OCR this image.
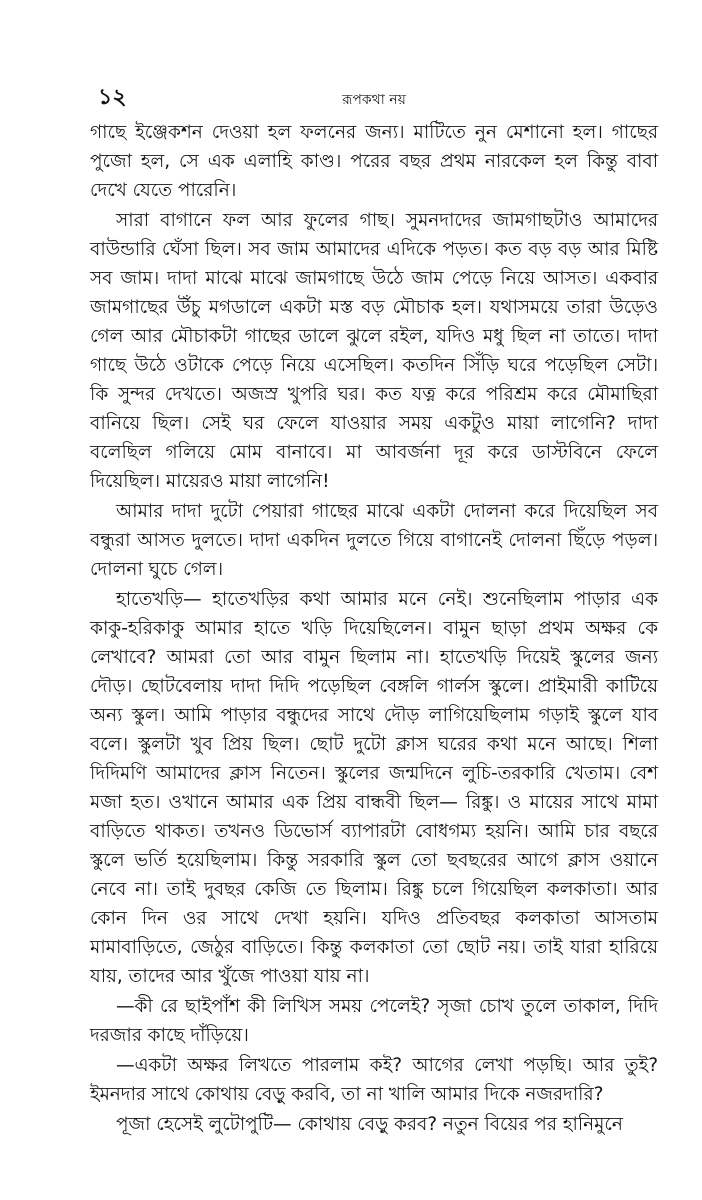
১২	রূপকথা নয়

গাছে ইঞ্জেকশন দেওয়া হল ফলনের জন্য। মাটিতে নুন মেশানো হল। গাছের পুজো হল, সে এক এলাহি কাণ্ড। পরের বছর প্রথম নারকেল হল কিন্তু বাবা দেখে যেতে পারেনি।

সারা বাগানে ফল আর ফুলের গাছ। সুমনদাদের জামগাছটাও আমাদের বাউন্ডারি ঘেঁসা ছিল। সব জাম আমাদের এদিকে পড়ত। কত বড় বড় আর মিষ্টি সব জাম। দাদা মাঝে মাঝে জামগাছে উঠে জাম পেড়ে নিয়ে আসত। একবার জামগাছের উঁচু মগডালে একটা মস্ত বড় মৌচাক হল। যথাসময়ে তারা উড়েও গেল আর মৌচাকটা গাছের ডালে ঝুলে রইল, যদিও মধু ছিল না তাতে। দাদা গাছে উঠে ওটাকে পেড়ে নিয়ে এসেছিল। কতদিন সিঁড়ি ঘরে পড়েছিল সেটা। কি সুন্দর দেখতে। অজস্র খুপরি ঘর। কত যত্ন করে পরিশ্রম করে মৌমাছিরা বানিয়ে ছিল। সেই ঘর ফেলে যাওয়ার সময় একটুও মায়া লাগেনি? দাদা বলেছিল গলিয়ে মোম বানাবে। মা আবর্জনা দূর করে ডাস্টবিনে ফেলে দিয়েছিল। মায়েরও মায়া লাগেনি!

আমার দাদা দুটো পেয়ারা গাছের মাঝে একটা দোলনা করে দিয়েছিল সব বন্ধুরা আসত দুলতে। দাদা একদিন দুলতে গিয়ে বাগানেই দোলনা ছিঁড়ে পড়ল। দোলনা ঘুচে গেল।

হাতেখড়ি— হাতেখড়ির কথা আমার মনে নেই। শুনেছিলাম পাড়ার এক কাকু-হরিকাকু আমার হাতে খড়ি দিয়েছিলেন। বামুন ছাড়া প্রথম অক্ষর কে লেখাবে? আমরা তো আর বামুন ছিলাম না। হাতেখড়ি দিয়েই স্কুলের জন্য দৌড়। ছোটবেলায় দাদা দিদি পড়েছিল বেঙ্গলি গার্লস স্কুলে। প্রাইমারী কাটিয়ে অন্য স্কুল। আমি পাড়ার বন্ধুদের সাথে দৌড় লাগিয়েছিলাম গড়াই স্কুলে যাব বলে। স্কুলটা খুব প্রিয় ছিল। ছোট দুটো ক্লাস ঘরের কথা মনে আছে। শিলা দিদিমণি আমাদের ক্লাস নিতেন। স্কুলের জন্মদিনে লুচি-তরকারি খেতাম। বেশ মজা হত। ওখানে আমার এক প্রিয় বান্ধবী ছিল— রিঙ্কু। ও মায়ের সাথে মামা বাড়িতে থাকত। তখনও ডিভোর্স ব্যাপারটা বোধগম্য হয়নি। আমি চার বছরে স্কুলে ভর্তি হয়েছিলাম। কিন্তু সরকারি স্কুল তো ছবছরের আগে ক্লাস ওয়ানে নেবে না। তাই দুবছর কেজি তে ছিলাম। রিঙ্কু চলে গিয়েছিল কলকাতা। আর কোন দিন ওর সাথে দেখা হয়নি। যদিও প্রতিবছর কলকাতা আসতাম মামাবাড়িতে, জেঠুর বাড়িতে। কিন্তু কলকাতা তো ছোট নয়। তাই যারা হারিয়ে যায়, তাদের আর খুঁজে পাওয়া যায় না।

—কী রে ছাইপাঁশ কী লিখিস সময় পেলেই? সৃজা চোখ তুলে তাকাল, দিদি দরজার কাছে দাঁড়িয়ে।

—একটা অক্ষর লিখতে পারলাম কই? আগের লেখা পড়ছি। আর তুই? ইমনদার সাথে কোথায় বেড়ু করবি, তা না খালি আমার দিকে নজরদারি?

পূজা হেসেই লুটোপুটি— কোথায় বেড়ু করব? নতুন বিয়ের পর হানিমুনে
